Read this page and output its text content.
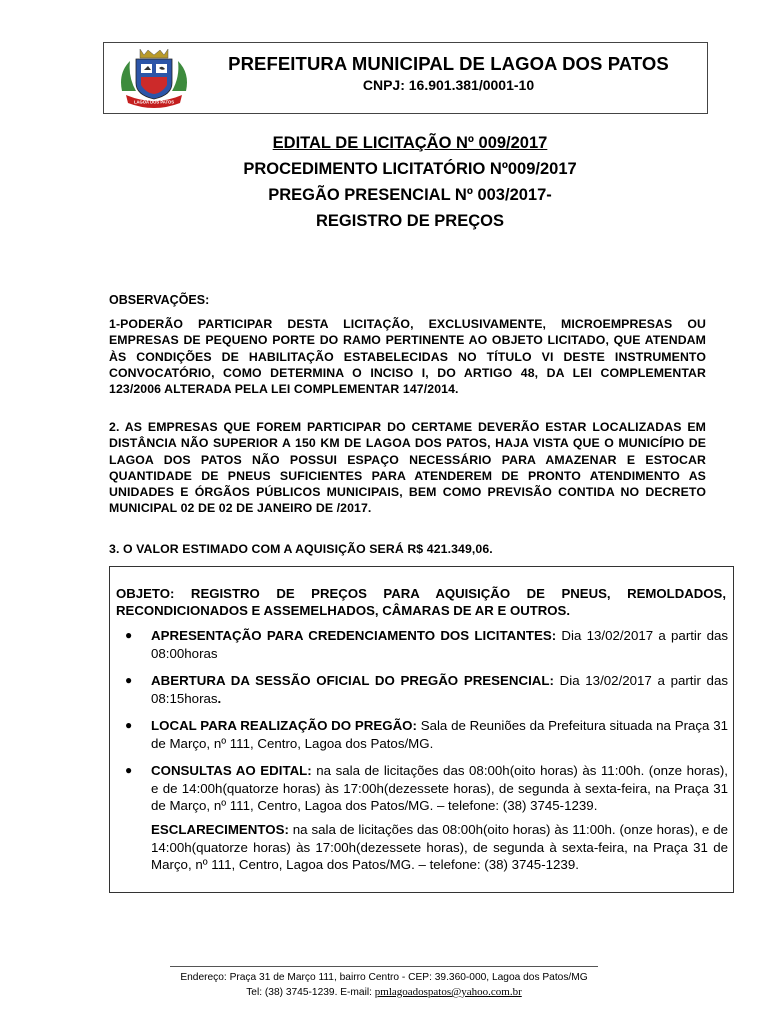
LAGOA DOS PATOS
PREFEITURA MUNICIPAL DE LAGOA DOS PATOS
CNPJ: 16.901.381/0001-10
EDITAL DE LICITAÇÃO Nº 009/2017
PROCEDIMENTO LICITATÓRIO Nº009/2017
PREGÃO PRESENCIAL Nº 003/2017-
REGISTRO DE PREÇOS
OBSERVAÇÕES:
1-PODERÃO PARTICIPAR DESTA LICITAÇÃO, EXCLUSIVAMENTE, MICROEMPRESAS OU EMPRESAS DE PEQUENO PORTE DO RAMO PERTINENTE AO OBJETO LICITADO, QUE ATENDAM ÀS CONDIÇÕES DE HABILITAÇÃO ESTABELECIDAS NO TÍTULO VI DESTE INSTRUMENTO CONVOCATÓRIO, COMO DETERMINA O INCISO I, DO ARTIGO 48, DA LEI COMPLEMENTAR 123/2006 ALTERADA PELA LEI COMPLEMENTAR 147/2014.
2. AS EMPRESAS QUE FOREM PARTICIPAR DO CERTAME DEVERÃO ESTAR LOCALIZADAS EM DISTÂNCIA NÃO SUPERIOR A 150 KM DE LAGOA DOS PATOS, HAJA VISTA QUE O MUNICÍPIO DE LAGOA DOS PATOS NÃO POSSUI ESPAÇO NECESSÁRIO PARA AMAZENAR E ESTOCAR QUANTIDADE DE PNEUS SUFICIENTES PARA ATENDEREM DE PRONTO ATENDIMENTO AS UNIDADES E ÓRGÃOS PÚBLICOS MUNICIPAIS, BEM COMO PREVISÃO CONTIDA NO DECRETO MUNICIPAL 02 DE 02 DE JANEIRO DE /2017.
3. O VALOR ESTIMADO COM A AQUISIÇÃO SERÁ R$ 421.349,06.
OBJETO: REGISTRO DE PREÇOS PARA AQUISIÇÃO DE PNEUS, REMOLDADOS, RECONDICIONADOS E ASSEMELHADOS, CÂMARAS DE AR E OUTROS.
● APRESENTAÇÃO PARA CREDENCIAMENTO DOS LICITANTES: Dia 13/02/2017 a partir das 08:00horas
● ABERTURA DA SESSÃO OFICIAL DO PREGÃO PRESENCIAL: Dia 13/02/2017 a partir das 08:15horas.
● LOCAL PARA REALIZAÇÃO DO PREGÃO: Sala de Reuniões da Prefeitura situada na Praça 31 de Março, nº 111, Centro, Lagoa dos Patos/MG.
● CONSULTAS AO EDITAL: na sala de licitações das 08:00h(oito horas) às 11:00h. (onze horas), e de 14:00h(quatorze horas) às 17:00h(dezessete horas), de segunda à sexta-feira, na Praça 31 de Março, nº 111, Centro, Lagoa dos Patos/MG. – telefone: (38) 3745-1239.
ESCLARECIMENTOS: na sala de licitações das 08:00h(oito horas) às 11:00h. (onze horas), e de 14:00h(quatorze horas) às 17:00h(dezessete horas), de segunda à sexta-feira, na Praça 31 de Março, nº 111, Centro, Lagoa dos Patos/MG. – telefone: (38) 3745-1239.
Endereço: Praça 31 de Março 111, bairro Centro - CEP: 39.360-000, Lagoa dos Patos/MG
Tel: (38) 3745-1239. E-mail: pmlagoadospatos@yahoo.com.br
